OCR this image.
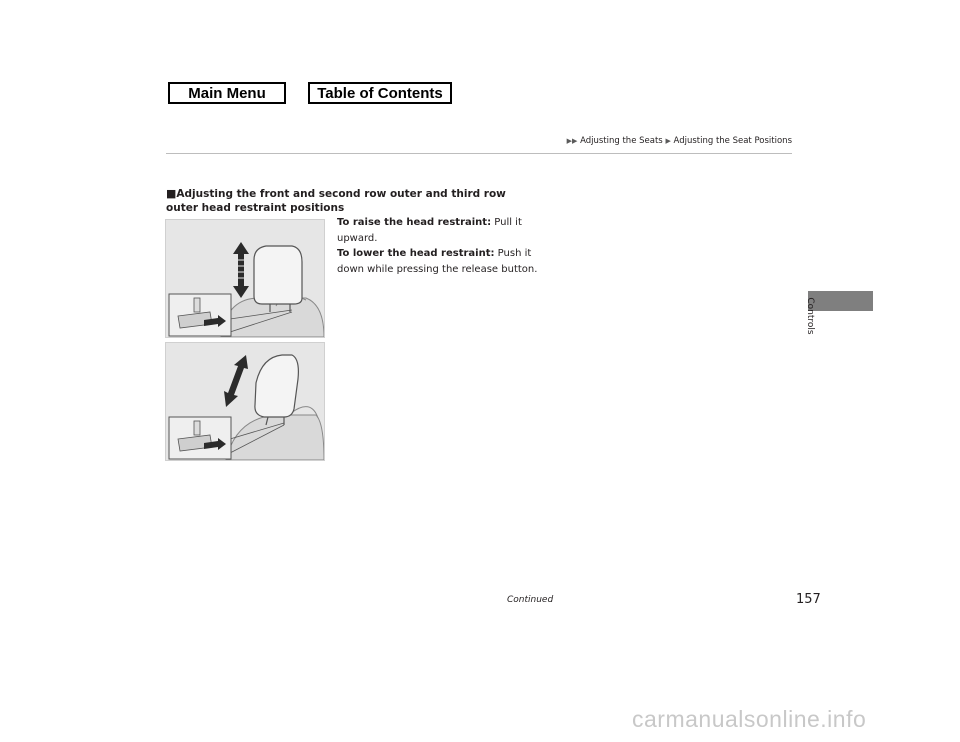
Main Menu	Table of Contents
▶▶ Adjusting the Seats ▶ Adjusting the Seat Positions
Controls
■Adjusting the front and second row outer and third row outer head restraint positions
To raise the head restraint: Pull it upward.
To lower the head restraint: Push it down while pressing the release button.
Continued	157
carmanualsonline.info
